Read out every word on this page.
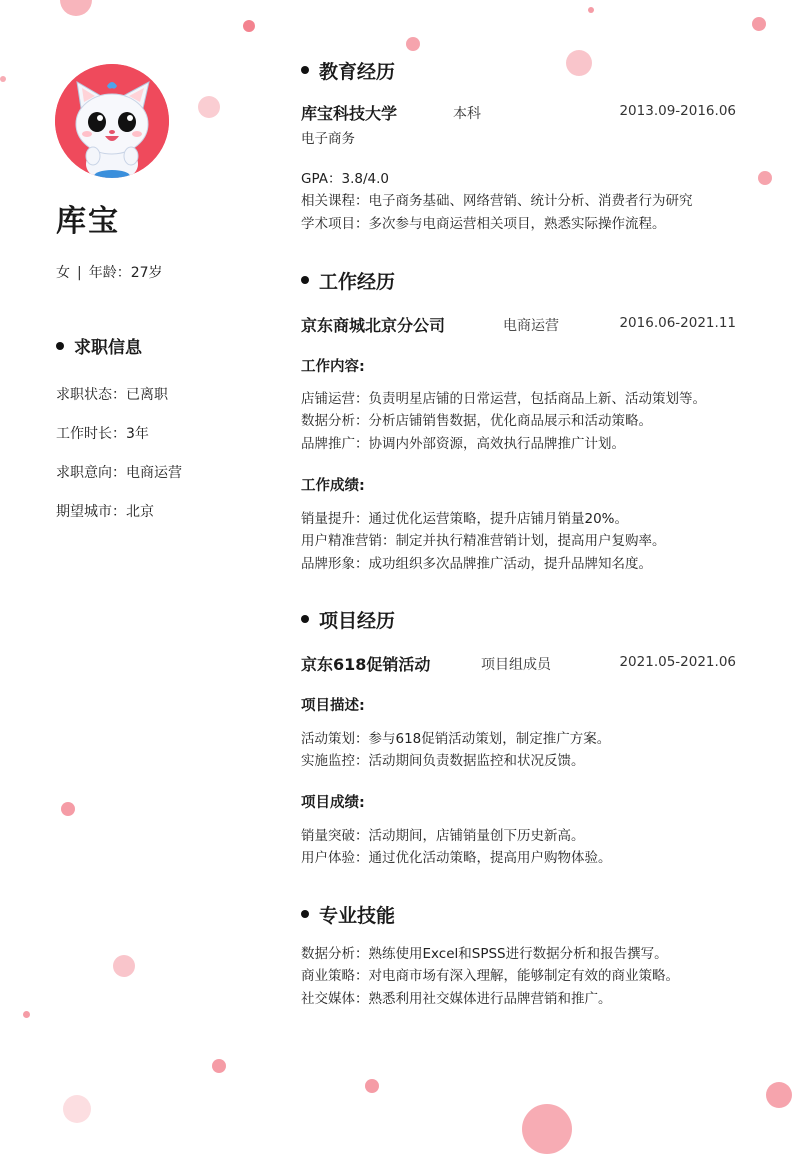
库宝
女 | 年龄：27岁
求职信息
求职状态：已离职
工作时长：3年
求职意向：电商运营
期望城市：北京
教育经历
库宝科技大学	本科	2013.09-2016.06
电子商务
GPA：3.8/4.0
相关课程：电子商务基础、网络营销、统计分析、消费者行为研究
学术项目：多次参与电商运营相关项目，熟悉实际操作流程。
工作经历
京东商城北京分公司	电商运营	2016.06-2021.11
工作内容:
店铺运营：负责明星店铺的日常运营，包括商品上新、活动策划等。
数据分析：分析店铺销售数据，优化商品展示和活动策略。
品牌推广：协调内外部资源，高效执行品牌推广计划。
工作成绩:
销量提升：通过优化运营策略，提升店铺月销量20%。
用户精准营销：制定并执行精准营销计划，提高用户复购率。
品牌形象：成功组织多次品牌推广活动，提升品牌知名度。
项目经历
京东618促销活动	项目组成员	2021.05-2021.06
项目描述:
活动策划：参与618促销活动策划，制定推广方案。
实施监控：活动期间负责数据监控和状况反馈。
项目成绩:
销量突破：活动期间，店铺销量创下历史新高。
用户体验：通过优化活动策略，提高用户购物体验。
专业技能
数据分析：熟练使用Excel和SPSS进行数据分析和报告撰写。
商业策略：对电商市场有深入理解，能够制定有效的商业策略。
社交媒体：熟悉利用社交媒体进行品牌营销和推广。
